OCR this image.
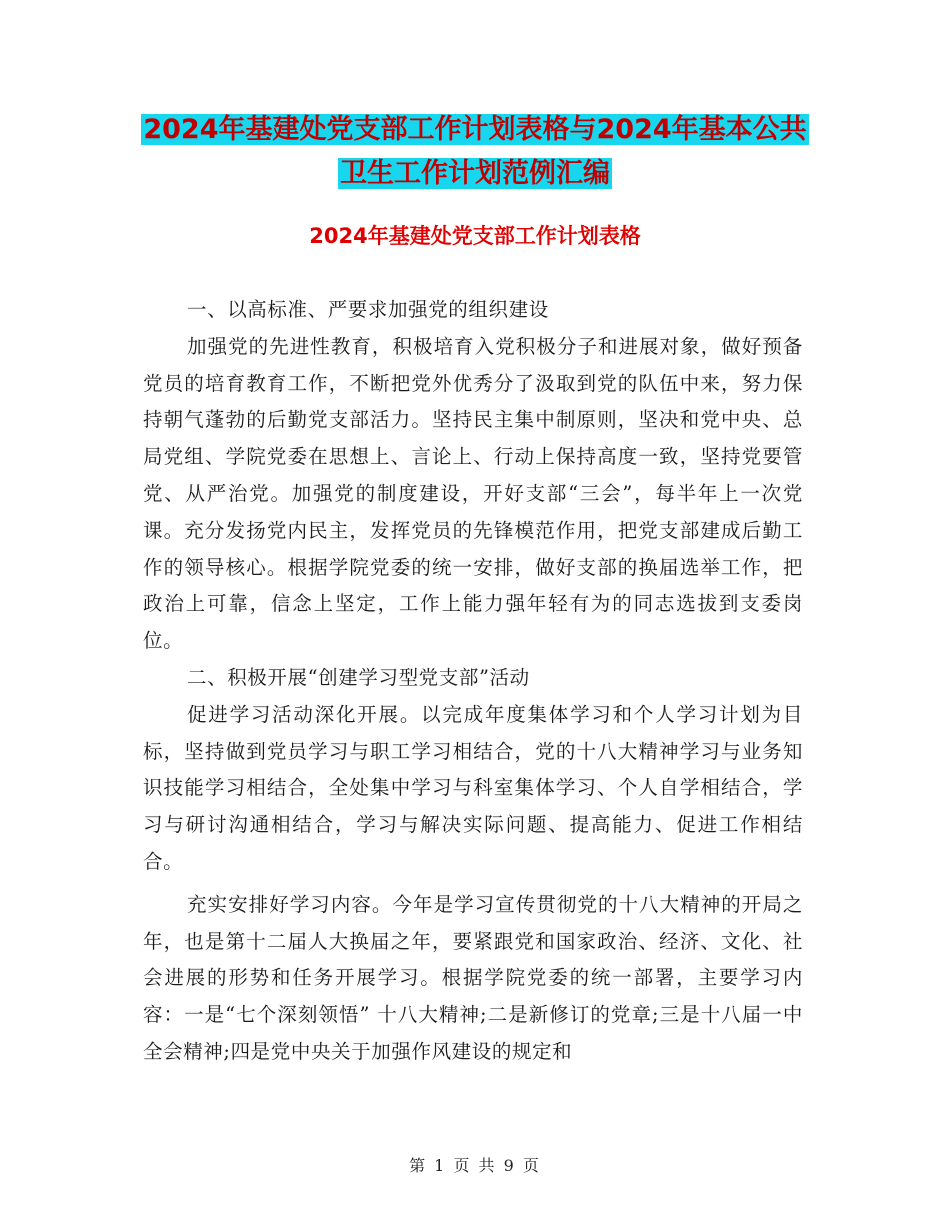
2024年基建处党支部工作计划表格与2024年基本公共
卫生工作计划范例汇编
2024年基建处党支部工作计划表格

一、以高标准、严要求加强党的组织建设

加强党的先进性教育，积极培育入党积极分子和进展对象，做好预备党员的培育教育工作，不断把党外优秀分了汲取到党的队伍中来，努力保持朝气蓬勃的后勤党支部活力。坚持民主集中制原则，坚决和党中央、总局党组、学院党委在思想上、言论上、行动上保持高度一致，坚持党要管党、从严治党。加强党的制度建设，开好支部“三会”，每半年上一次党课。充分发扬党内民主，发挥党员的先锋模范作用，把党支部建成后勤工作的领导核心。根据学院党委的统一安排，做好支部的换届选举工作，把政治上可靠，信念上坚定，工作上能力强年轻有为的同志选拔到支委岗位。

二、积极开展“创建学习型党支部”活动

促进学习活动深化开展。以完成年度集体学习和个人学习计划为目标，坚持做到党员学习与职工学习相结合，党的十八大精神学习与业务知识技能学习相结合，全处集中学习与科室集体学习、个人自学相结合，学习与研讨沟通相结合，学习与解决实际问题、提高能力、促进工作相结合。

充实安排好学习内容。今年是学习宣传贯彻党的十八大精神的开局之年，也是第十二届人大换届之年，要紧跟党和国家政治、经济、文化、社会进展的形势和任务开展学习。根据学院党委的统一部署，主要学习内容：一是“七个深刻领悟” 十八大精神;二是新修订的党章;三是十八届一中全会精神;四是党中央关于加强作风建设的规定和

第 1 页 共 9 页
